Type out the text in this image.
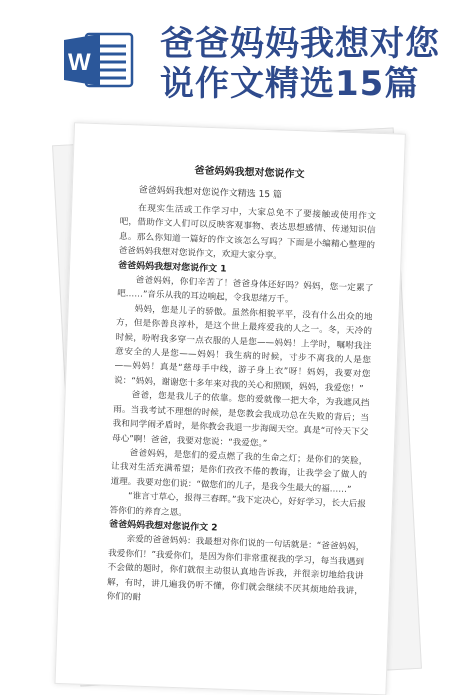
W 爸爸妈妈我想对您
说作文精选15篇
爸爸妈妈我想对您说作文
爸爸妈妈我想对您说作文精选 15 篇

在现实生活或工作学习中，大家总免不了要接触或使用作文吧，借助作文人们可以反映客观事物、表达思想感情、传递知识信息。那么你知道一篇好的作文该怎么写吗？下面是小编精心整理的爸爸妈妈我想对您说作文，欢迎大家分享。

爸爸妈妈我想对您说作文 1

爸爸妈妈，你们辛苦了！爸爸身体还好吗？妈妈，您一定累了吧……”音乐从我的耳边响起，令我思绪万千。

妈妈，您是儿子的骄傲。虽然你相貌平平，没有什么出众的地方，但是你善良淳朴，是这个世上最疼爱我的人之一。冬，天冷的时候，吩咐我多穿一点衣服的人是您——妈妈！上学时，嘱咐我注意安全的人是您——妈妈！我生病的时候，寸步不离我的人是您——妈妈！真是“慈母手中线，游子身上衣”呀！妈妈，我要对您说：“妈妈，谢谢您十多年来对我的关心和照顾，妈妈，我爱您！”

爸爸，您是我儿子的依靠。您的爱就像一把大伞，为我遮风挡雨。当我考试不理想的时候，是您教会我成功总在失败的背后；当我和同学闹矛盾时，是你教会我退一步海阔天空。真是“可怜天下父母心”啊！爸爸，我要对您说：“我爱您。”

爸爸妈妈，是您们的爱点燃了我的生命之灯；是你们的笑脸，让我对生活充满希望；是你们孜孜不倦的教诲，让我学会了做人的道理。我要对您们说：“做您们的儿子，是我今生最大的福……”

“谁言寸草心，报得三春晖。”我下定决心，好好学习，长大后报答你们的养育之恩。

爸爸妈妈我想对您说作文 2

亲爱的爸爸妈妈：我最想对你们说的一句话就是：“爸爸妈妈，我爱你们！”我爱你们，是因为你们非常重视我的学习，每当我遇到不会做的题时，你们就很主动很认真地告诉我，并很亲切地给我讲解，有时，讲几遍我仍听不懂，你们就会继续不厌其烦地给我讲，你们的耐
